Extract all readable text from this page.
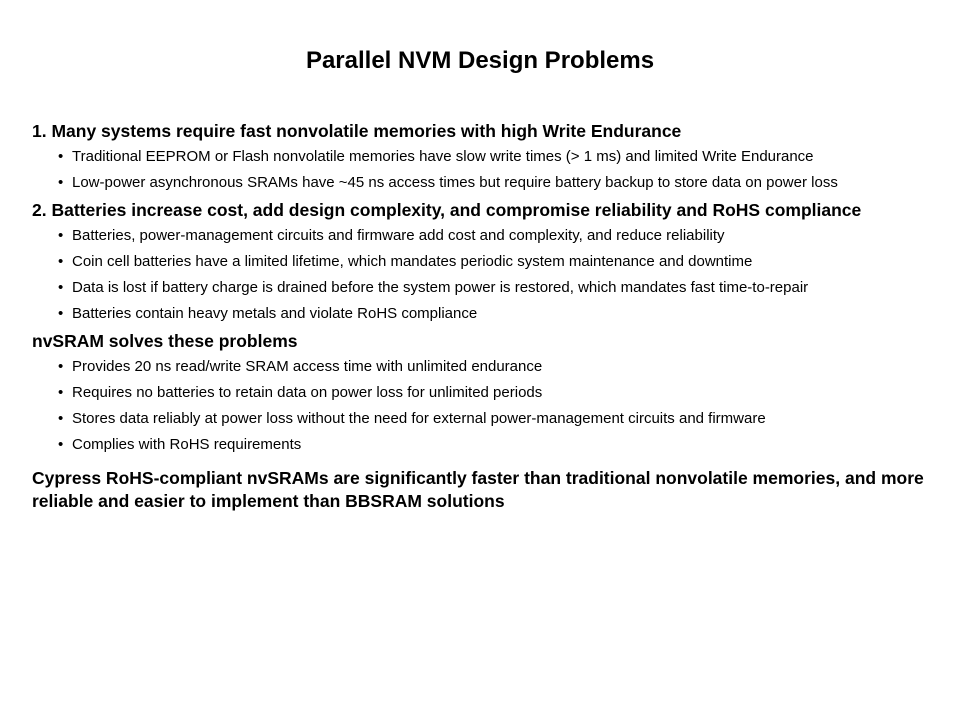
Parallel NVM Design Problems

1. Many systems require fast nonvolatile memories with high Write Endurance

• Traditional EEPROM or Flash nonvolatile memories have slow write times (> 1 ms) and limited Write Endurance
• Low-power asynchronous SRAMs have ~45 ns access times but require battery backup to store data on power loss

2. Batteries increase cost, add design complexity, and compromise reliability and RoHS compliance

• Batteries, power-management circuits and firmware add cost and complexity, and reduce reliability
• Coin cell batteries have a limited lifetime, which mandates periodic system maintenance and downtime
• Data is lost if battery charge is drained before the system power is restored, which mandates fast time-to-repair
• Batteries contain heavy metals and violate RoHS compliance

nvSRAM solves these problems

• Provides 20 ns read/write SRAM access time with unlimited endurance
• Requires no batteries to retain data on power loss for unlimited periods
• Stores data reliably at power loss without the need for external power-management circuits and firmware
• Complies with RoHS requirements

Cypress RoHS-compliant nvSRAMs are significantly faster than traditional nonvolatile memories, and more reliable and easier to implement than BBSRAM solutions
